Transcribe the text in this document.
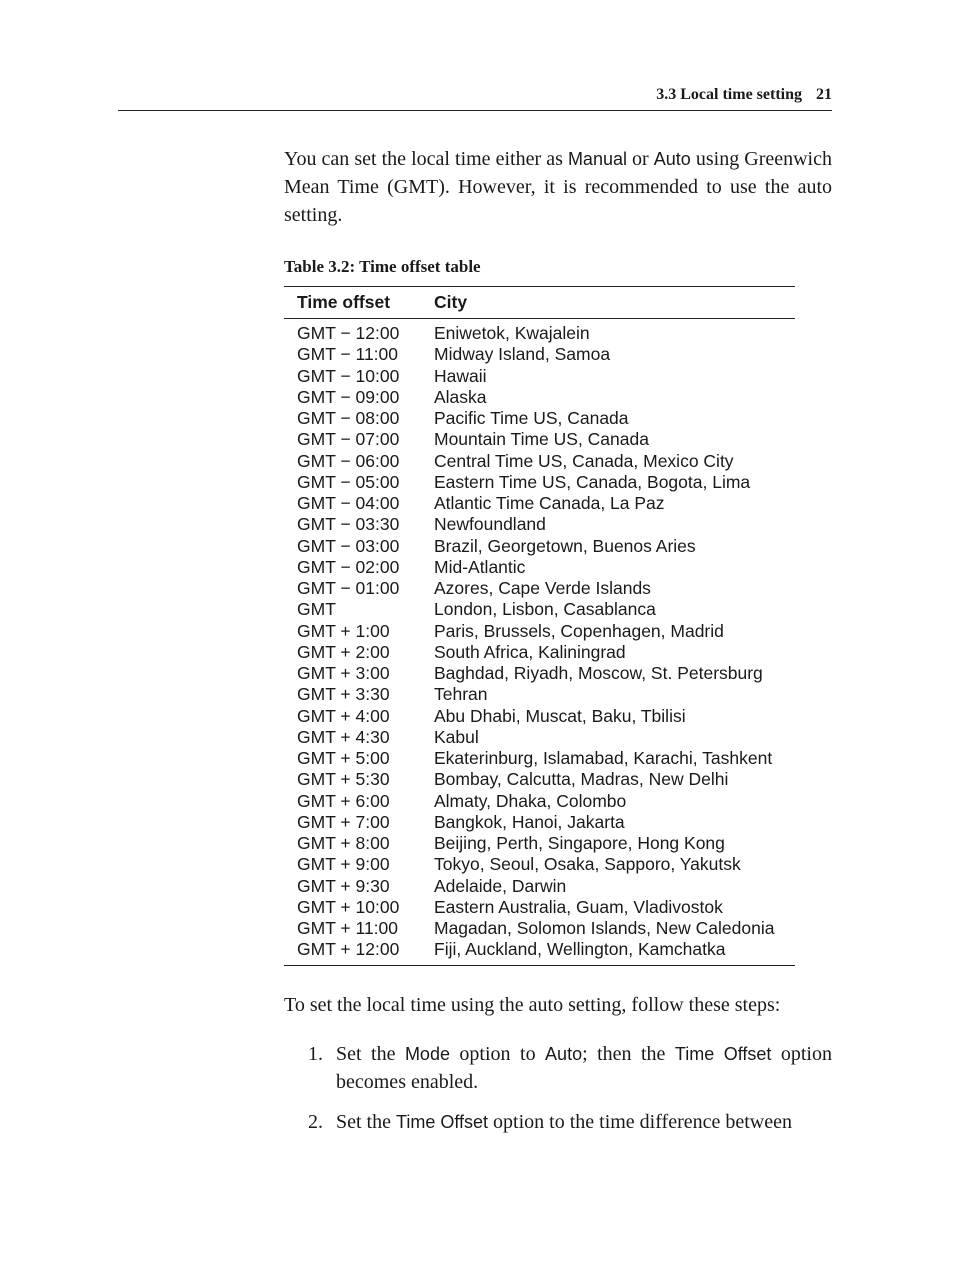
3.3 Local time setting 21

You can set the local time either as Manual or Auto using Greenwich Mean Time (GMT). However, it is recommended to use the auto setting.

Table 3.2: Time offset table
Time offset	City
GMT − 12:00	Eniwetok, Kwajalein
GMT − 11:00	Midway Island, Samoa
GMT − 10:00	Hawaii
GMT − 09:00	Alaska
GMT − 08:00	Pacific Time US, Canada
GMT − 07:00	Mountain Time US, Canada
GMT − 06:00	Central Time US, Canada, Mexico City
GMT − 05:00	Eastern Time US, Canada, Bogota, Lima
GMT − 04:00	Atlantic Time Canada, La Paz
GMT − 03:30	Newfoundland
GMT − 03:00	Brazil, Georgetown, Buenos Aries
GMT − 02:00	Mid-Atlantic
GMT − 01:00	Azores, Cape Verde Islands
GMT	London, Lisbon, Casablanca
GMT + 1:00	Paris, Brussels, Copenhagen, Madrid
GMT + 2:00	South Africa, Kaliningrad
GMT + 3:00	Baghdad, Riyadh, Moscow, St. Petersburg
GMT + 3:30	Tehran
GMT + 4:00	Abu Dhabi, Muscat, Baku, Tbilisi
GMT + 4:30	Kabul
GMT + 5:00	Ekaterinburg, Islamabad, Karachi, Tashkent
GMT + 5:30	Bombay, Calcutta, Madras, New Delhi
GMT + 6:00	Almaty, Dhaka, Colombo
GMT + 7:00	Bangkok, Hanoi, Jakarta
GMT + 8:00	Beijing, Perth, Singapore, Hong Kong
GMT + 9:00	Tokyo, Seoul, Osaka, Sapporo, Yakutsk
GMT + 9:30	Adelaide, Darwin
GMT + 10:00	Eastern Australia, Guam, Vladivostok
GMT + 11:00	Magadan, Solomon Islands, New Caledonia
GMT + 12:00	Fiji, Auckland, Wellington, Kamchatka

To set the local time using the auto setting, follow these steps:

1. Set the Mode option to Auto; then the Time Offset option becomes enabled.
2. Set the Time Offset option to the time difference between
